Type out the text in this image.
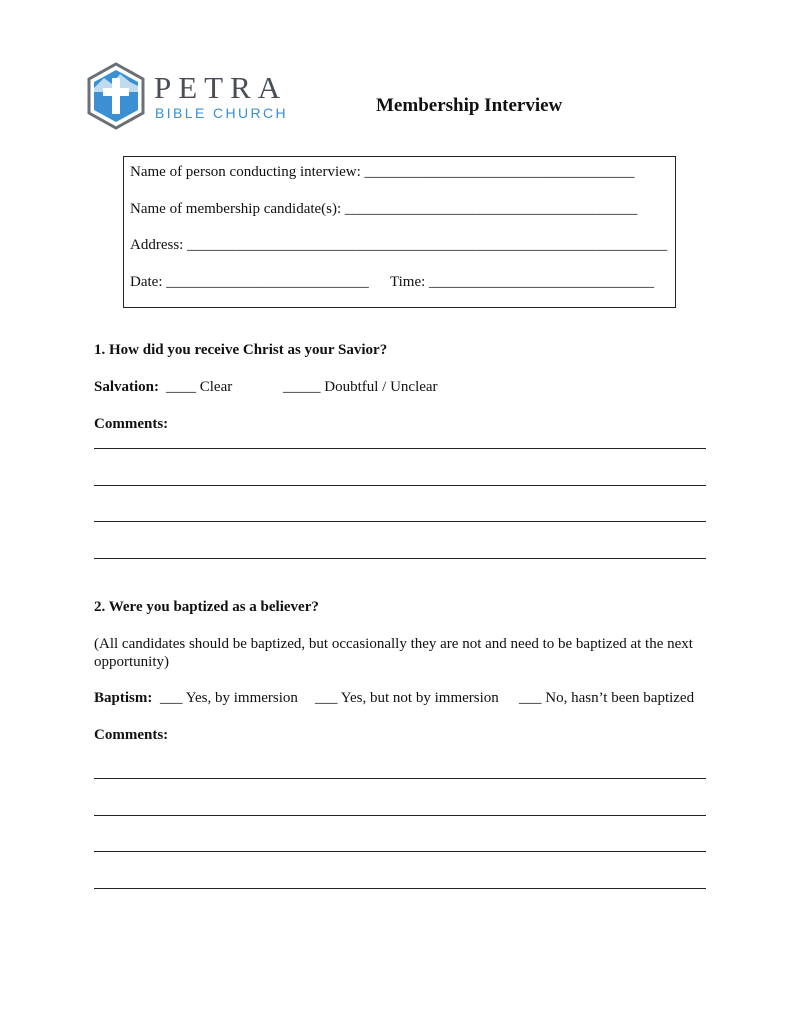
PETRA
BIBLE CHURCH	Membership Interview
Name of person conducting interview: ____________________________________
Name of membership candidate(s): _______________________________________
Address: ________________________________________________________________
Date: ___________________________ Time: ______________________________
1. How did you receive Christ as your Savior?
Salvation: ____ Clear	_____ Doubtful / Unclear
Comments:
2. Were you baptized as a believer?
(All candidates should be baptized, but occasionally they are not and need to be baptized at the next opportunity)
Baptism: ___ Yes, by immersion ___ Yes, but not by immersion ___ No, hasn’t been baptized
Comments:
